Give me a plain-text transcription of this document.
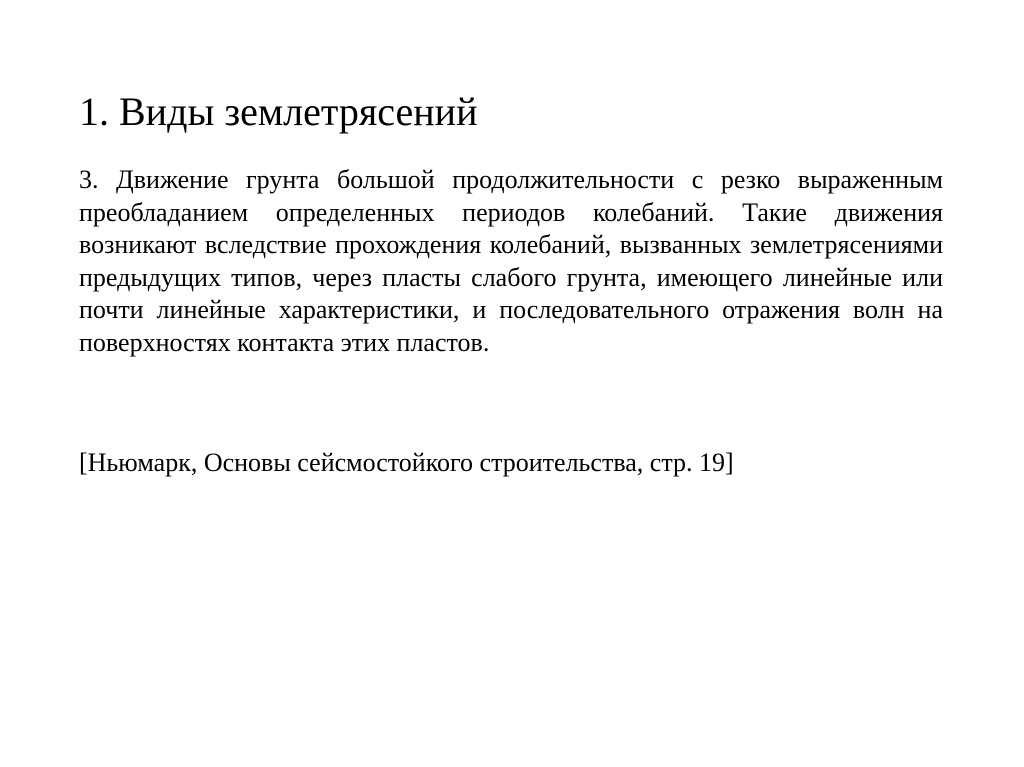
1. Виды землетрясений

3. Движение грунта большой продолжительности с резко выраженным преобладанием определенных периодов колебаний. Такие движения возникают вследствие прохождения колебаний, вызванных землетрясениями предыдущих типов, через пласты слабого грунта, имеющего линейные или почти линейные характеристики, и последовательного отражения волн на поверхностях контакта этих пластов.

[Ньюмарк, Основы сейсмостойкого строительства, стр. 19]
